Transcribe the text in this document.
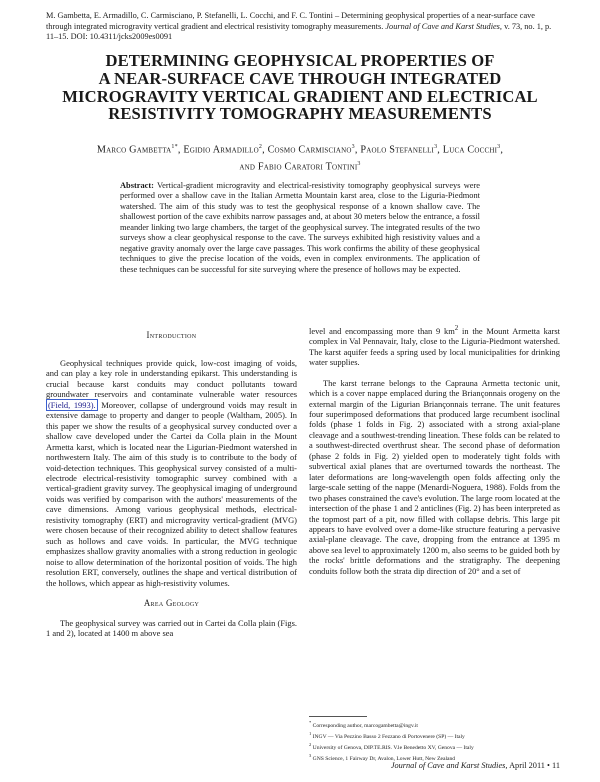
M. Gambetta, E. Armadillo, C. Carmisciano, P. Stefanelli, L. Cocchi, and F. C. Tontini – Determining geophysical properties of a near-surface cave through integrated microgravity vertical gradient and electrical resistivity tomography measurements. Journal of Cave and Karst Studies, v. 73, no. 1, p. 11–15. DOI: 10.4311/jcks2009es0091
DETERMINING GEOPHYSICAL PROPERTIES OF
A NEAR-SURFACE CAVE THROUGH INTEGRATED
MICROGRAVITY VERTICAL GRADIENT AND ELECTRICAL
RESISTIVITY TOMOGRAPHY MEASUREMENTS
Marco Gambetta$^{1*}$, Egidio Armadillo$^2$, Cosmo Carmisciano$^3$, Paolo Stefanelli$^3$, Luca Cocchi$^3$,
and Fabio Caratori Tontini$^3$
Abstract: Vertical-gradient microgravity and electrical-resistivity tomography geophysical surveys were performed over a shallow cave in the Italian Armetta Mountain karst area, close to the Liguria-Piedmont watershed. The aim of this study was to test the geophysical response of a known shallow cave. The shallowest portion of the cave exhibits narrow passages and, at about 30 meters below the entrance, a fossil meander linking two large chambers, the target of the geophysical survey. The integrated results of the two surveys show a clear geophysical response to the cave. The surveys exhibited high resistivity values and a negative gravity anomaly over the large cave passages. This work confirms the ability of these geophysical techniques to give the precise location of the voids, even in complex environments. The application of these techniques can be successful for site surveying where the presence of hollows may be expected.
Introduction

Geophysical techniques provide quick, low-cost imaging of voids, and can play a key role in understanding epikarst. This understanding is crucial because karst conduits may conduct pollutants toward groundwater reservoirs and contaminate vulnerable water resources (Field, 1993). Moreover, collapse of underground voids may result in extensive damage to property and danger to people (Waltham, 2005). In this paper we show the results of a geophysical survey conducted over a shallow cave developed under the Cartei da Colla plain in the Mount Armetta karst, which is located near the Ligurian-Piedmont watershed in northwestern Italy. The aim of this study is to contribute to the body of void-detection techniques. This geophysical survey consisted of a multi-electrode electrical-resistivity tomographic survey combined with a vertical-gradient gravity survey. The geophysical imaging of underground voids was verified by comparison with the authors' measurements of the cave dimensions. Among various geophysical methods, electrical-resistivity tomography (ERT) and microgravity vertical-gradient (MVG) were chosen because of their recognized ability to detect shallow features such as hollows and cave voids. In particular, the MVG technique emphasizes shallow gravity anomalies with a strong reduction in geologic noise to allow determination of the horizontal position of voids. The high resolution ERT, conversely, outlines the shape and vertical distribution of the hollows, which appear as high-resistivity volumes.

Area Geology

The geophysical survey was carried out in Cartei da Colla plain (Figs. 1 and 2), located at 1400 m above sea

level and encompassing more than 9 $km^2$ in the Mount Armetta karst complex in Val Pennavair, Italy, close to the Liguria-Piedmont watershed. The karst aquifer feeds a spring used by local municipalities for drinking water supplies.

The karst terrane belongs to the Caprauna Armetta tectonic unit, which is a cover nappe emplaced during the Briançonnais orogeny on the external margin of the Ligurian Briançonnais terrane. The unit features four superimposed deformations that produced large recumbent isoclinal folds (phase 1 folds in Fig. 2) associated with a strong axial-plane cleavage and a southwest-trending lineation. These folds can be related to a southwest-directed overthrust shear. The second phase of deformation (phase 2 folds in Fig. 2) yielded open to moderately tight folds with subvertical axial planes that are overturned towards the northeast. The later deformations are long-wavelength open folds affecting only the large-scale setting of the nappe (Menardi-Noguera, 1988). Folds from the two phases constrained the cave's evolution. The large room located at the intersection of the phase 1 and 2 anticlines (Fig. 2) has been interpreted as the topmost part of a pit, now filled with collapse debris. This large pit appears to have evolved over a dome-like structure featuring a pervasive axial-plane cleavage. The cave, dropping from the entrance at 1395 m above sea level to approximately 1200 m, also seems to be guided both by the rocks' brittle deformations and the stratigraphy. The deepening conduits follow both the strata dip direction of 20° and a set of

* Corresponding author, marcogambetta@ingv.it
$^1$ INGV — Via Pezzino Basso 2 Fezzano di Portovenere (SP) — Italy
$^2$ University of Genova, DIP.TE.RIS. V.le Benedetto XV, Genova — Italy
$^3$ GNS Science, 1 Fairway Dr, Avalon, Lower Hutt, New Zealand
Journal of Cave and Karst Studies, April 2011 • 11
